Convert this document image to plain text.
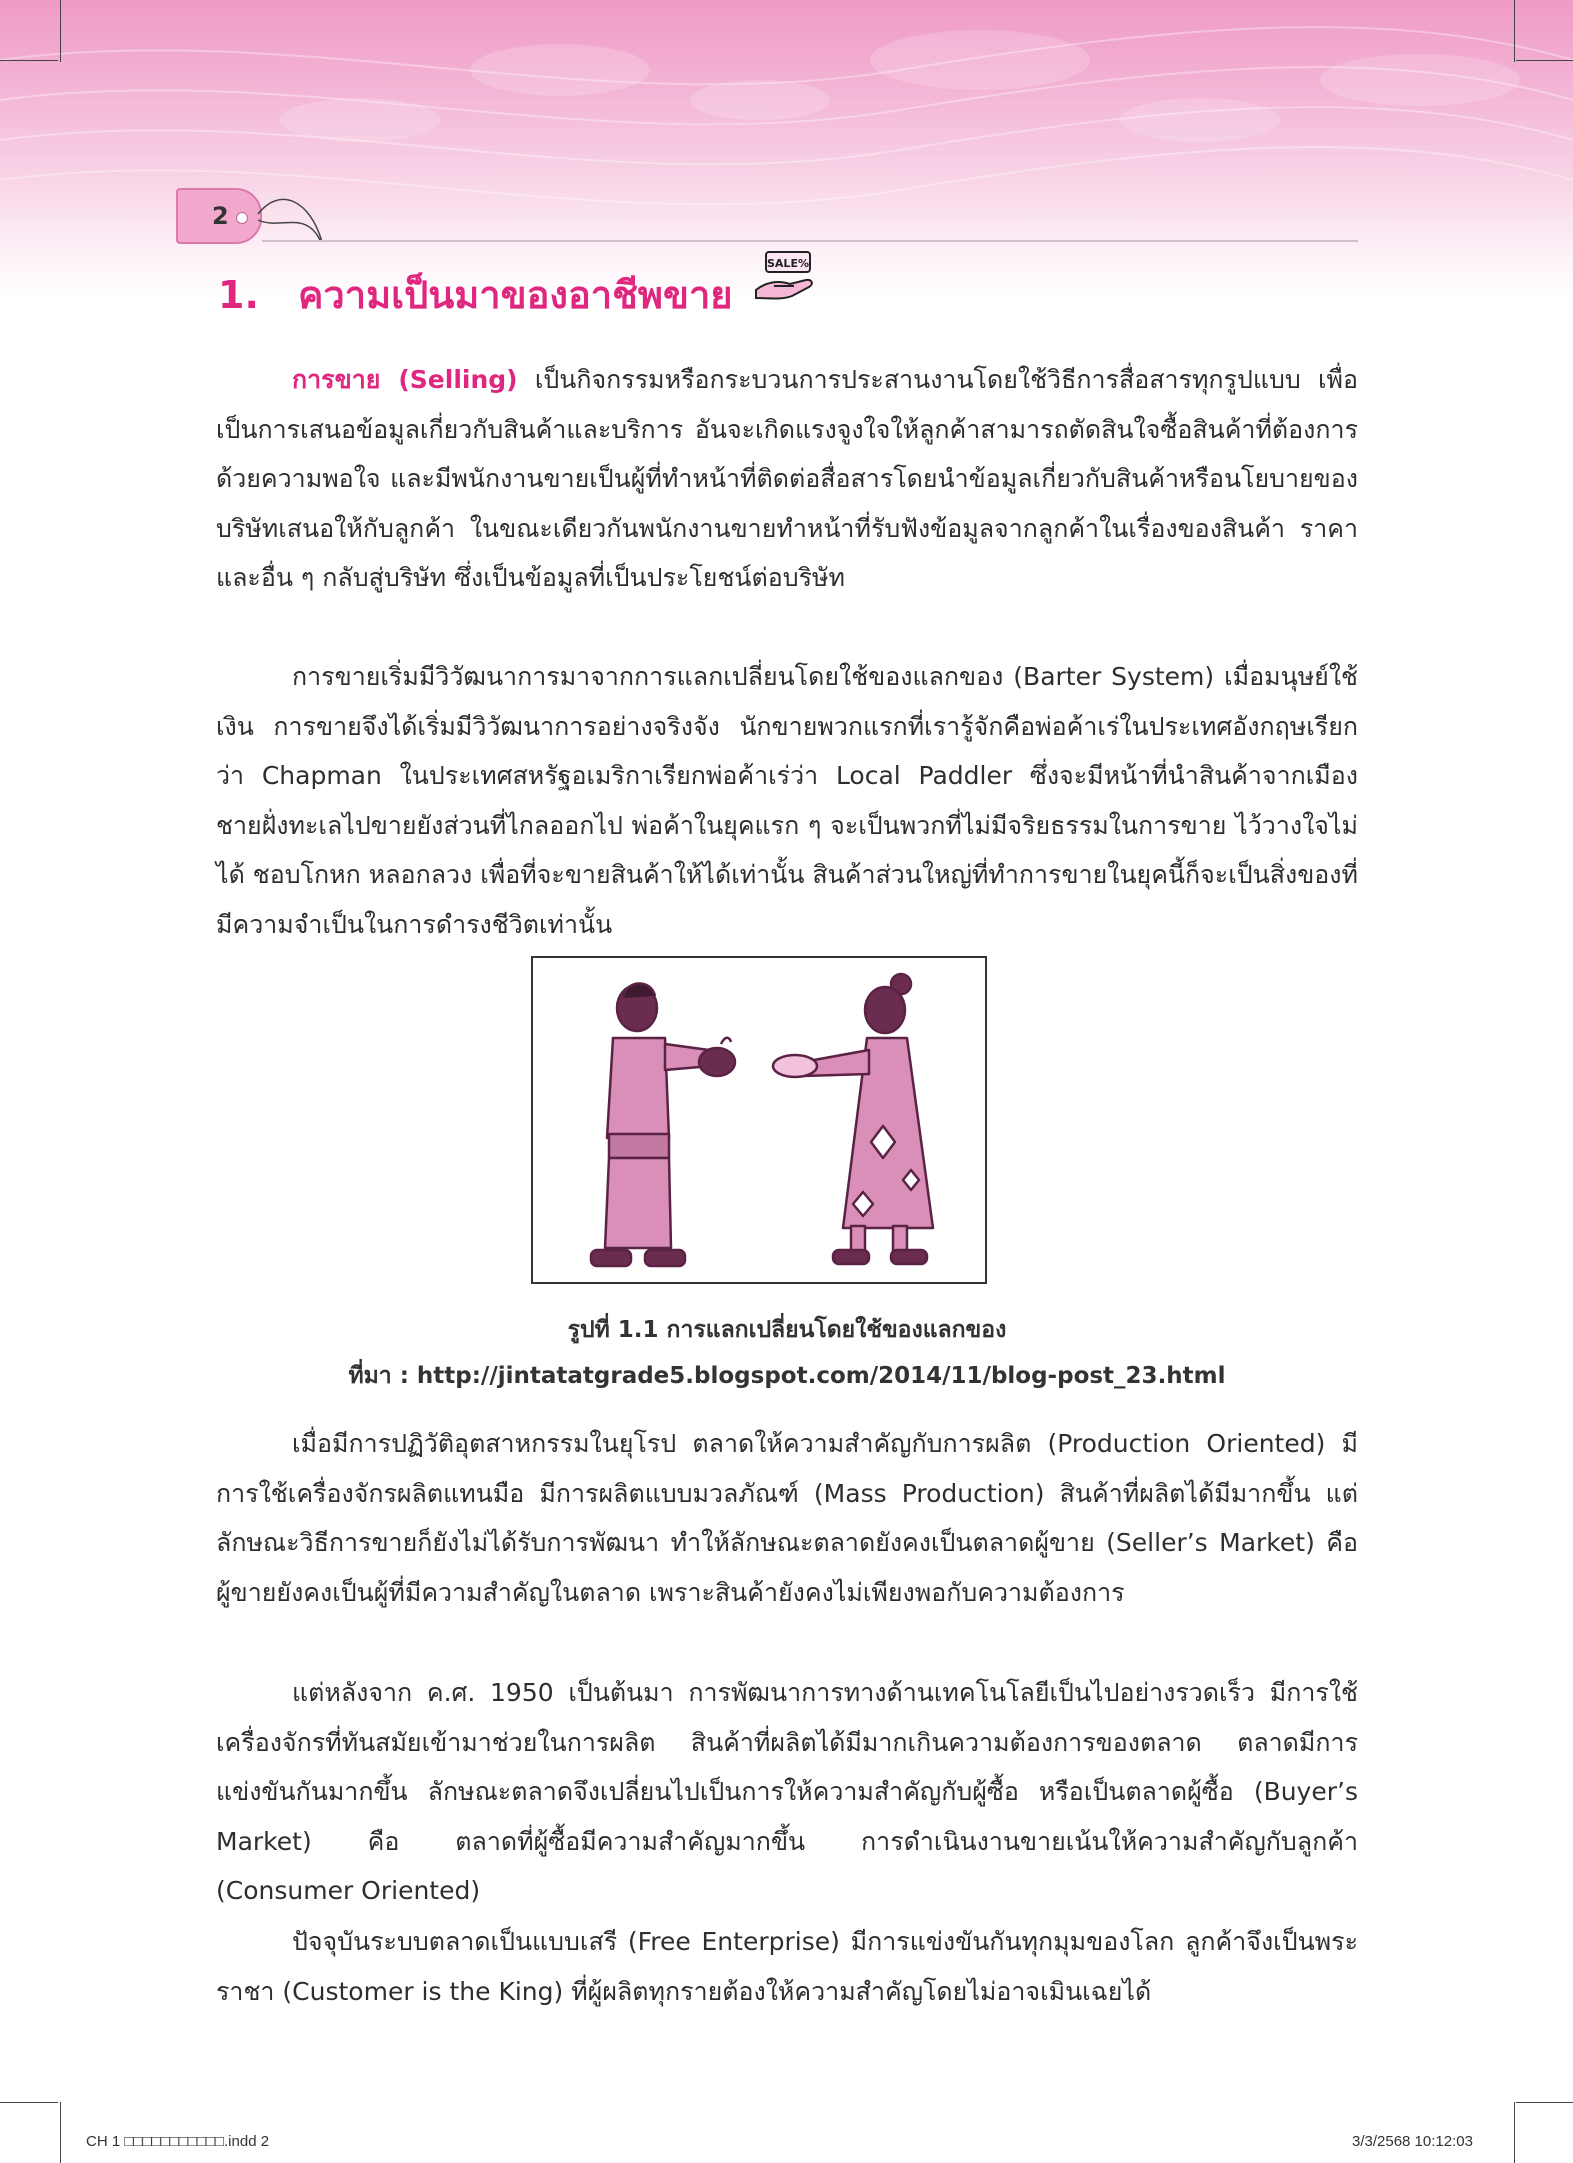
2
1. ความเป็นมาของอาชีพขาย
SALE%

การขาย (Selling) เป็นกิจกรรมหรือกระบวนการประสานงานโดยใช้วิธีการสื่อสารทุกรูปแบบ เพื่อเป็นการเสนอข้อมูลเกี่ยวกับสินค้าและบริการ อันจะเกิดแรงจูงใจให้ลูกค้าสามารถตัดสินใจซื้อสินค้าที่ต้องการด้วยความพอใจ และมีพนักงานขายเป็นผู้ที่ทำหน้าที่ติดต่อสื่อสารโดยนำข้อมูลเกี่ยวกับสินค้าหรือนโยบายของบริษัทเสนอให้กับลูกค้า ในขณะเดียวกันพนักงานขายทำหน้าที่รับฟังข้อมูลจากลูกค้าในเรื่องของสินค้า ราคา และอื่น ๆ กลับสู่บริษัท ซึ่งเป็นข้อมูลที่เป็นประโยชน์ต่อบริษัท

การขายเริ่มมีวิวัฒนาการมาจากการแลกเปลี่ยนโดยใช้ของแลกของ (Barter System) เมื่อมนุษย์ใช้เงิน การขายจึงได้เริ่มมีวิวัฒนาการอย่างจริงจัง นักขายพวกแรกที่เรารู้จักคือพ่อค้าเร่ในประเทศอังกฤษเรียกว่า Chapman ในประเทศสหรัฐอเมริกาเรียกพ่อค้าเร่ว่า Local Paddler ซึ่งจะมีหน้าที่นำสินค้าจากเมืองชายฝั่งทะเลไปขายยังส่วนที่ไกลออกไป พ่อค้าในยุคแรก ๆ จะเป็นพวกที่ไม่มีจริยธรรมในการขาย ไว้วางใจไม่ได้ ชอบโกหก หลอกลวง เพื่อที่จะขายสินค้าให้ได้เท่านั้น สินค้าส่วนใหญ่ที่ทำการขายในยุคนี้ก็จะเป็นสิ่งของที่มีความจำเป็นในการดำรงชีวิตเท่านั้น

รูปที่ 1.1 การแลกเปลี่ยนโดยใช้ของแลกของ

ที่มา : http://jintatatgrade5.blogspot.com/2014/11/blog-post_23.html

เมื่อมีการปฏิวัติอุตสาหกรรมในยุโรป ตลาดให้ความสำคัญกับการผลิต (Production Oriented) มีการใช้เครื่องจักรผลิตแทนมือ มีการผลิตแบบมวลภัณฑ์ (Mass Production) สินค้าที่ผลิตได้มีมากขึ้น แต่ลักษณะวิธีการขายก็ยังไม่ได้รับการพัฒนา ทำให้ลักษณะตลาดยังคงเป็นตลาดผู้ขาย (Seller’s Market) คือ ผู้ขายยังคงเป็นผู้ที่มีความสำคัญในตลาด เพราะสินค้ายังคงไม่เพียงพอกับความต้องการ

แต่หลังจาก ค.ศ. 1950 เป็นต้นมา การพัฒนาการทางด้านเทคโนโลยีเป็นไปอย่างรวดเร็ว มีการใช้เครื่องจักรที่ทันสมัยเข้ามาช่วยในการผลิต สินค้าที่ผลิตได้มีมากเกินความต้องการของตลาด ตลาดมีการแข่งขันกันมากขึ้น ลักษณะตลาดจึงเปลี่ยนไปเป็นการให้ความสำคัญกับผู้ซื้อ หรือเป็นตลาดผู้ซื้อ (Buyer’s Market) คือ ตลาดที่ผู้ซื้อมีความสำคัญมากขึ้น การดำเนินงานขายเน้นให้ความสำคัญกับลูกค้า (Consumer Oriented)

ปัจจุบันระบบตลาดเป็นแบบเสรี (Free Enterprise) มีการแข่งขันกันทุกมุมของโลก ลูกค้าจึงเป็นพระราชา (Customer is the King) ที่ผู้ผลิตทุกรายต้องให้ความสำคัญโดยไม่อาจเมินเฉยได้

CH 1 □□□□□□□□□□□.indd 2	3/3/2568 10:12:03
